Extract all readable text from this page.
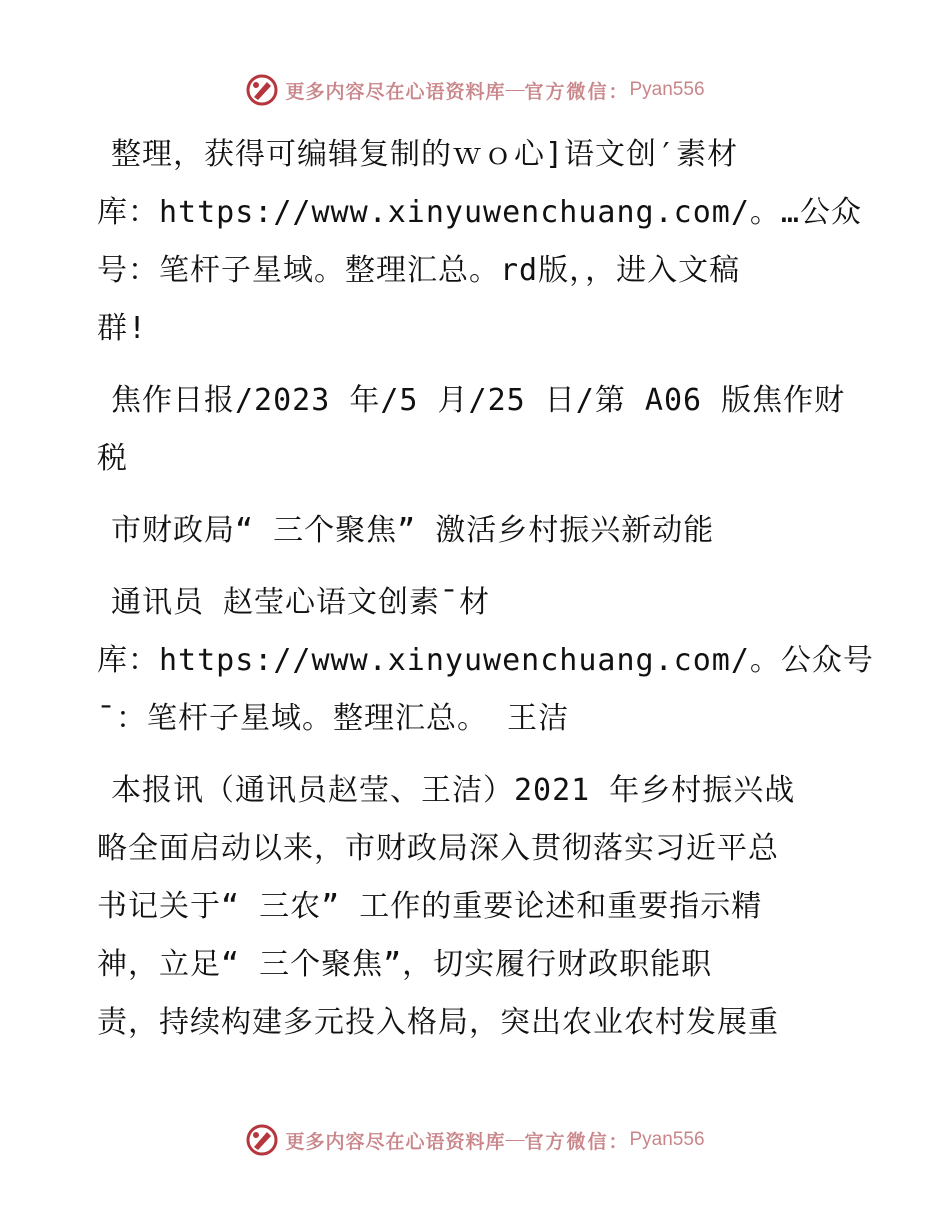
更多内容尽在心语资料库 — 官方微信： Pyan556
整理，获得可编辑复制的ｗｏ心]语文创′素材
库：https://www.xinyuwenchuang.com/。…公众
号：笔杆子星域。整理汇总。rd版，，进入文稿
群!
焦作日报/2023 年/5 月/25 日/第 A06 版焦作财
税
市财政局“ 三个聚焦” 激活乡村振兴新动能
通讯员 赵莹心语文创素¯材
库：https://www.xinyuwenchuang.com/。公众号
¯：笔杆子星域。整理汇总。 王洁
本报讯（通讯员赵莹、王洁）2021 年乡村振兴战
略全面启动以来，市财政局深入贯彻落实习近平总
书记关于“ 三农” 工作的重要论述和重要指示精
神，立足“ 三个聚焦”，切实履行财政职能职
责，持续构建多元投入格局，突出农业农村发展重
更多内容尽在心语资料库 — 官方微信： Pyan556
